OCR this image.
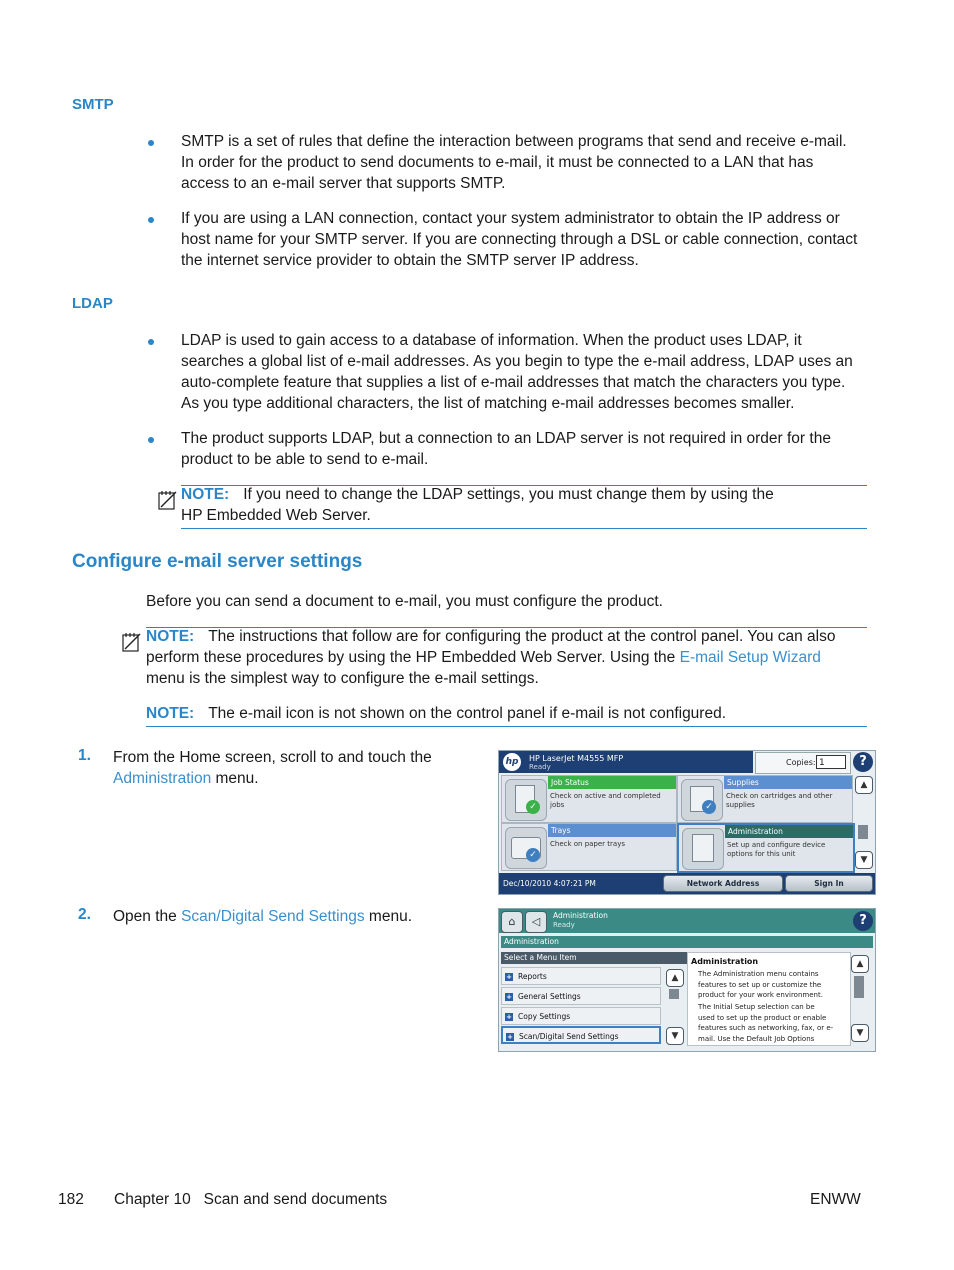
SMTP
SMTP is a set of rules that define the interaction between programs that send and receive e-mail.
In order for the product to send documents to e-mail, it must be connected to a LAN that has
access to an e-mail server that supports SMTP.
If you are using a LAN connection, contact your system administrator to obtain the IP address or
host name for your SMTP server. If you are connecting through a DSL or cable connection, contact
the internet service provider to obtain the SMTP server IP address.
LDAP
LDAP is used to gain access to a database of information. When the product uses LDAP, it
searches a global list of e-mail addresses. As you begin to type the e-mail address, LDAP uses an
auto-complete feature that supplies a list of e-mail addresses that match the characters you type.
As you type additional characters, the list of matching e-mail addresses becomes smaller.
The product supports LDAP, but a connection to an LDAP server is not required in order for the
product to be able to send to e-mail.
NOTE: If you need to change the LDAP settings, you must change them by using the
HP Embedded Web Server.
Configure e-mail server settings
Before you can send a document to e-mail, you must configure the product.
NOTE: The instructions that follow are for configuring the product at the control panel. You can also
perform these procedures by using the HP Embedded Web Server. Using the E-mail Setup Wizard
menu is the simplest way to configure the e-mail settings.
NOTE: The e-mail icon is not shown on the control panel if e-mail is not configured.
1. From the Home screen, scroll to and touch the
Administration menu.
2. Open the Scan/Digital Send Settings menu.
hp	HP LaserJet M4555 MFP
Ready	Copies: 1	?
✓
Job Status
Check on active and completed jobs	✓
Supplies
Check on cartridges and other supplies
✓
Trays
Check on paper trays
Administration
Set up and configure device options for this unit
▲
▼
Dec/10/2010 4:07:21 PM	Network Address	Sign In
⌂	◁	Administration
Ready	?
Administration
Select a Menu Item
+ Reports
+ General Settings
+ Copy Settings
+ Scan/Digital Send Settings
▲
▼
Administration
The Administration menu contains
features to set up or customize the
product for your work environment.
The Initial Setup selection can be
used to set up the product or enable
features such as networking, fax, or e-
mail. Use the Default Job Options
▲
▼
182 Chapter 10   Scan and send documents	ENWW
